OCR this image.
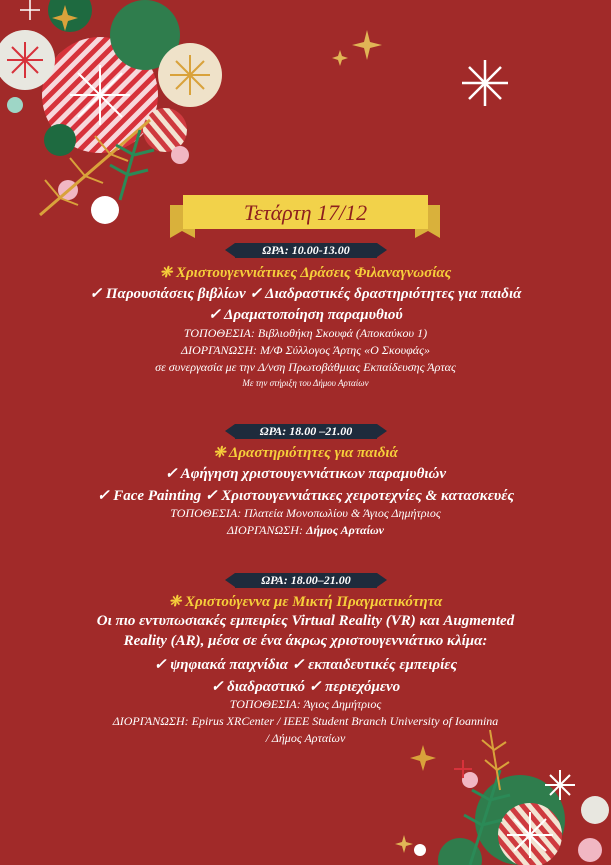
Τετάρτη 17/12
ΩΡΑ: 10.00-13.00
❈ Χριστουγεννιάτικες Δράσεις Φιλαναγνωσίας
✓ Παρουσιάσεις βιβλίων ✓ Διαδραστικές δραστηριότητες για παιδιά
✓ Δραματοποίηση παραμυθιού
ΤΟΠΟΘΕΣΙΑ: Βιβλιοθήκη Σκουφά (Αποκαύκου 1)
ΔΙΟΡΓΑΝΩΣΗ: Μ/Φ Σύλλογος Άρτης «Ο Σκουφάς»
σε συνεργασία με την Δ/νση Πρωτοβάθμιας Εκπαίδευσης Άρτας
Με την στήριξη του Δήμου Αρταίων
ΩΡΑ: 18.00 –21.00
❈ Δραστηριότητες για παιδιά
✓ Αφήγηση χριστουγεννιάτικων παραμυθιών
✓ Face Painting ✓ Χριστουγεννιάτικες χειροτεχνίες & κατασκευές
ΤΟΠΟΘΕΣΙΑ: Πλατεία Μονοπωλίου & Άγιος Δημήτριος
ΔΙΟΡΓΑΝΩΣΗ: Δήμος Αρταίων
ΩΡΑ: 18.00–21.00
❈ Χριστούγεννα με Μικτή Πραγματικότητα
Οι πιο εντυπωσιακές εμπειρίες Virtual Reality (VR) και Augmented
Reality (AR), μέσα σε ένα άκρως χριστουγεννιάτικο κλίμα:
✓ ψηφιακά παιχνίδια ✓ εκπαιδευτικές εμπειρίες
✓ διαδραστικό ✓ περιεχόμενο
ΤΟΠΟΘΕΣΙΑ: Άγιος Δημήτριος
ΔΙΟΡΓΑΝΩΣΗ: Epirus XRCenter / IEEE Student Branch University of Ioannina
/ Δήμος Αρταίων
